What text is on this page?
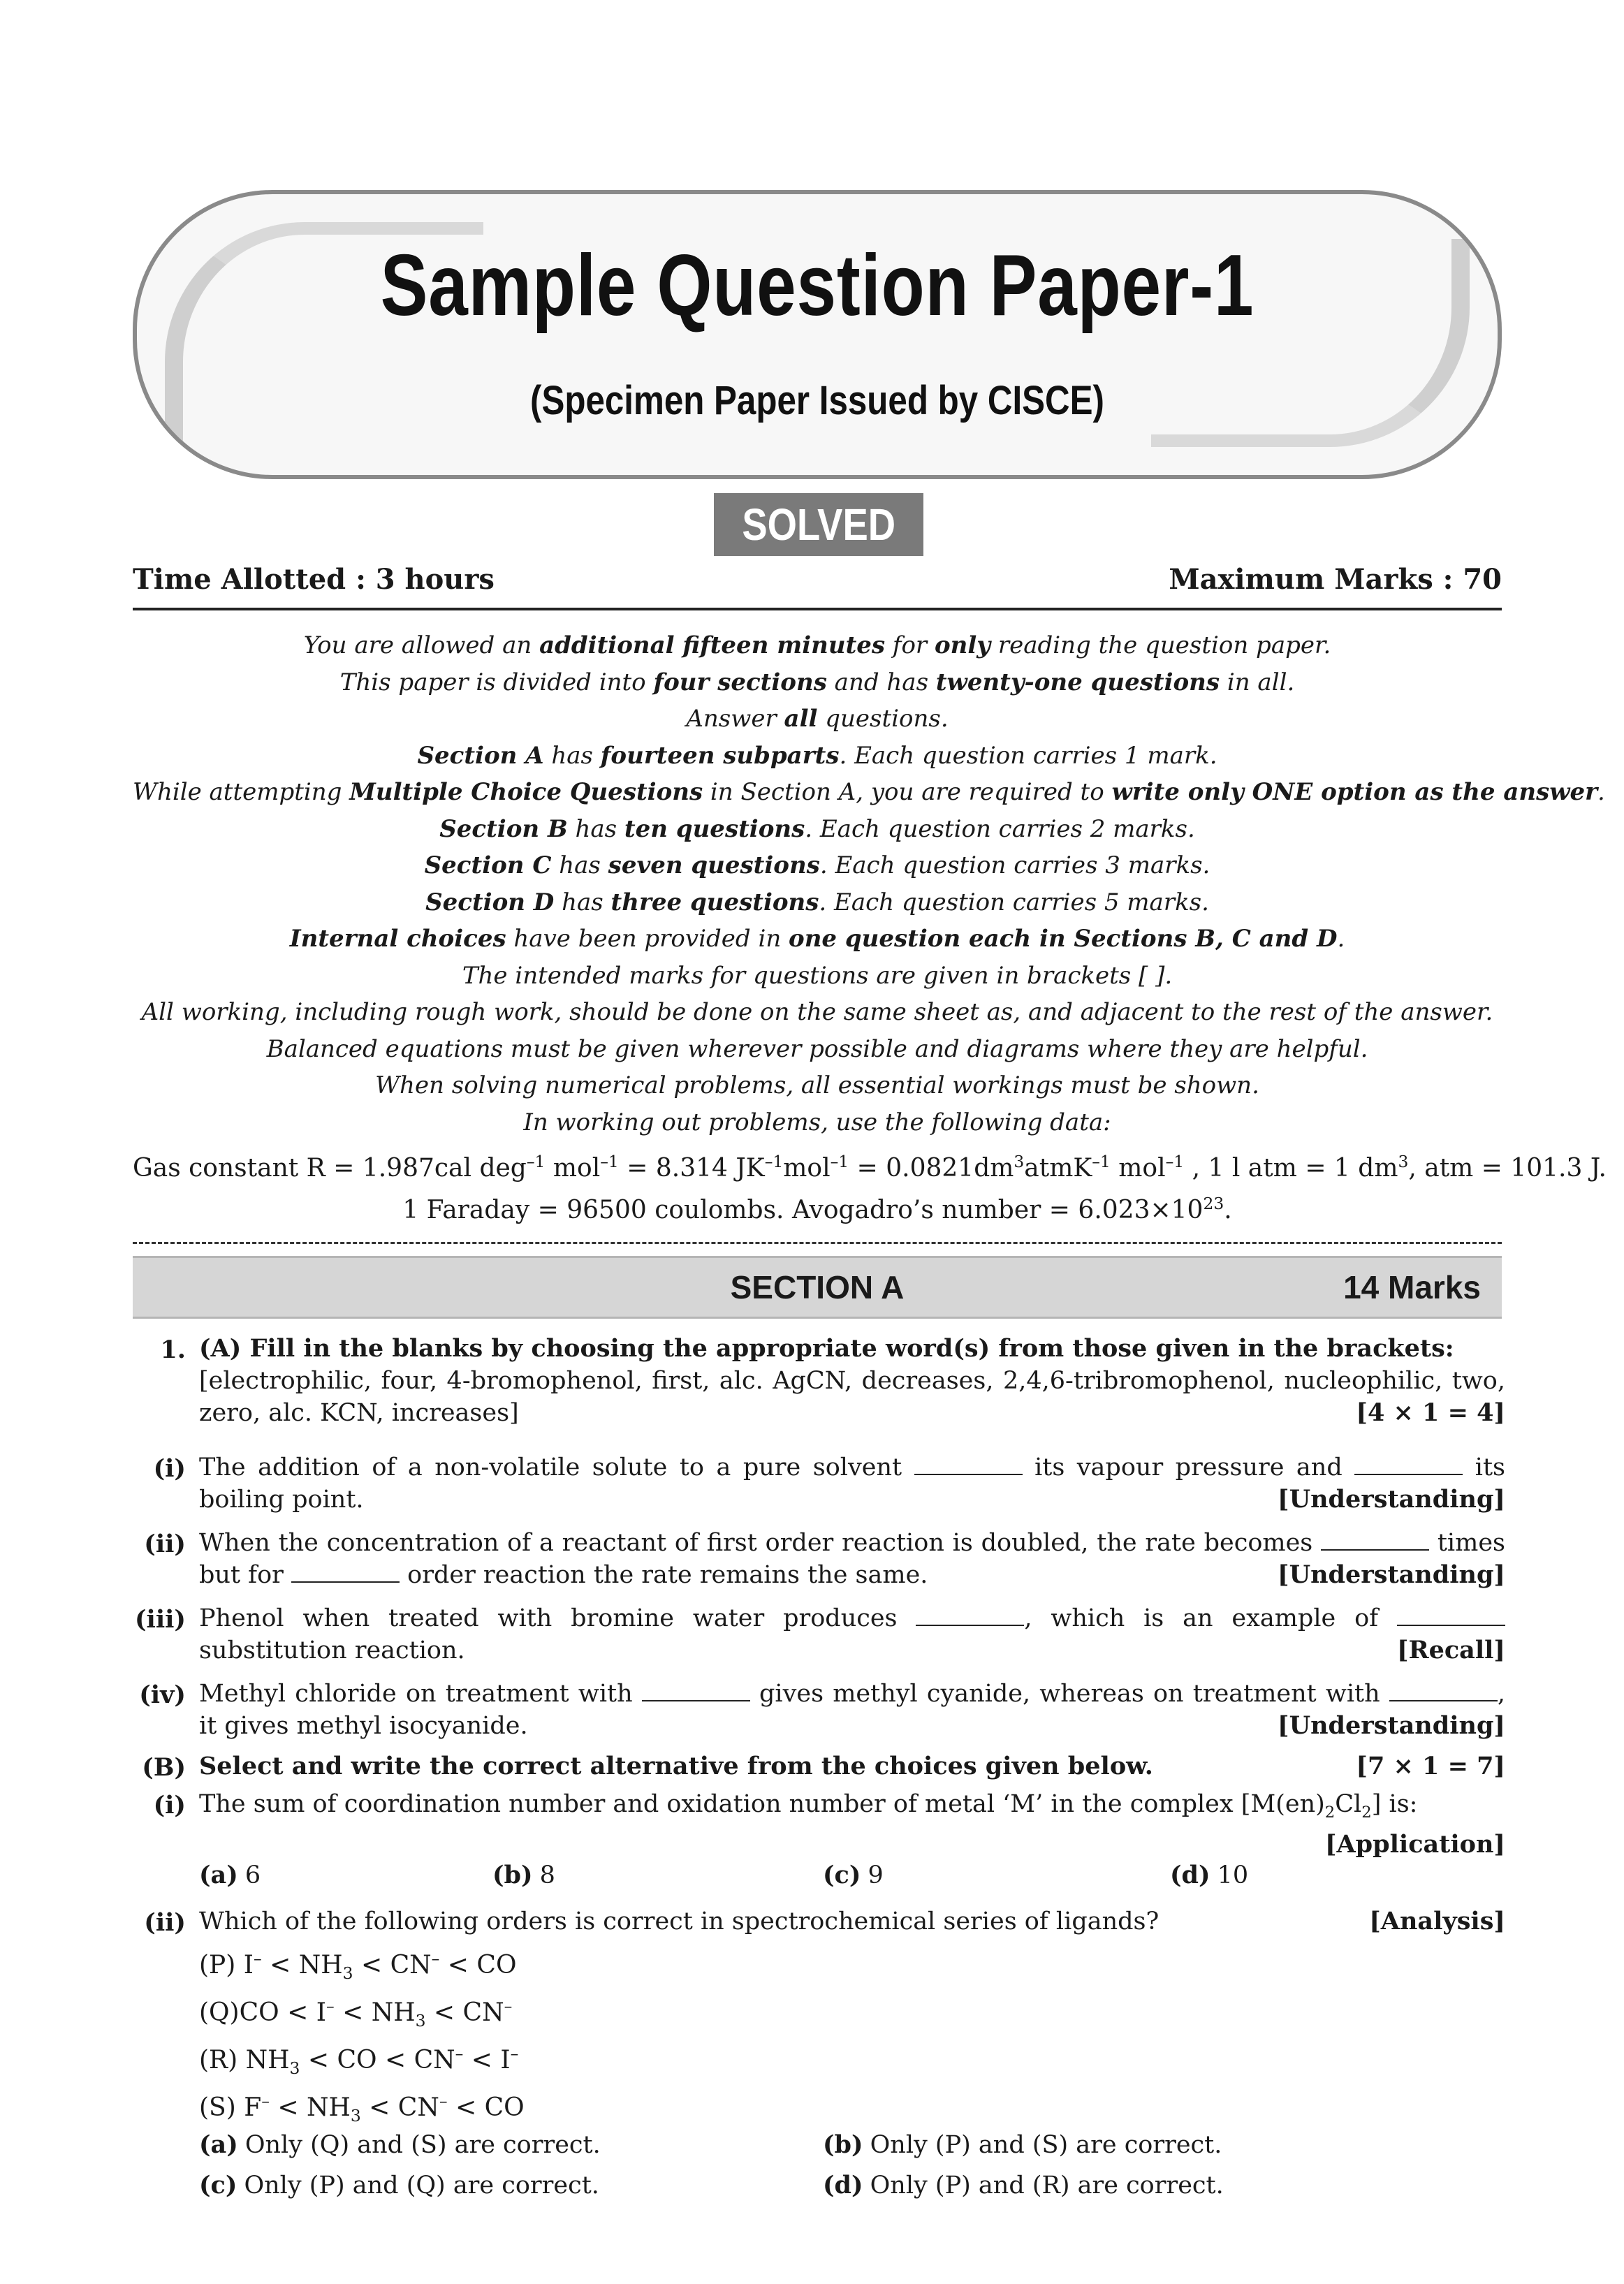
Sample Question Paper-1
(Specimen Paper Issued by CISCE)
SOLVED
Time Allotted : 3 hours	Maximum Marks : 70
You are allowed an additional fifteen minutes for only reading the question paper.
This paper is divided into four sections and has twenty-one questions in all.
Answer all questions.
Section A has fourteen subparts. Each question carries 1 mark.
While attempting Multiple Choice Questions in Section A, you are required to write only ONE option as the answer.
Section B has ten questions. Each question carries 2 marks.
Section C has seven questions. Each question carries 3 marks.
Section D has three questions. Each question carries 5 marks.
Internal choices have been provided in one question each in Sections B, C and D.
The intended marks for questions are given in brackets [ ].
All working, including rough work, should be done on the same sheet as, and adjacent to the rest of the answer.
Balanced equations must be given wherever possible and diagrams where they are helpful.
When solving numerical problems, all essential workings must be shown.
In working out problems, use the following data:
Gas constant R = 1.987cal deg$^{-1}$ mol$^{-1}$ = 8.314 $JK^{-1}mol^{-1}$ = $0.0821dm^3atmK^{-1}$ mol$^{-1}$ , 1 l atm = 1 $dm^3$, atm = 101.3 J.
1 Faraday = 96500 coulombs. Avogadro’s number = $6.023\times 10^{23}$.
SECTION A	14 Marks
1. (A) Fill in the blanks by choosing the appropriate word(s) from those given in the brackets:
[electrophilic, four, 4-bromophenol, first, alc. AgCN, decreases, 2,4,6-tribromophenol, nucleophilic, two, zero, alc. KCN, increases]	[4 × 1 = 4]
(i) The addition of a non-volatile solute to a pure solvent	its vapour pressure and	its boiling point.	[Understanding]
(ii) When the concentration of a reactant of first order reaction is doubled, the rate becomes	times but for	order reaction the rate remains the same.	[Understanding]
(iii) Phenol when treated with bromine water produces	, which is an example of  substitution reaction.	[Recall]
(iv) Methyl chloride on treatment with	gives methyl cyanide, whereas on treatment with	, it gives methyl isocyanide.	[Understanding]
(B) Select and write the correct alternative from the choices given below.	[7 × 1 = 7]
(i) The sum of coordination number and oxidation number of metal ‘M’ in the complex $[M(en)_2Cl_2]$ is:
[Application]
(a) 6	(b) 8	(c) 9	(d) 10
(ii) Which of the following orders is correct in spectrochemical series of ligands?	[Analysis]
(P) $I^- < NH_3 < CN^-$ < CO
$(Q)CO < I^- < NH_3 < CN^-$
(R) $NH_3$ < CO < CN– < I–
(S) $F^- < NH_3 < CN^-$ < CO
(a) Only (Q) and (S) are correct.	(b) Only (P) and (S) are correct.
(c) Only (P) and (Q) are correct.	(d) Only (P) and (R) are correct.
